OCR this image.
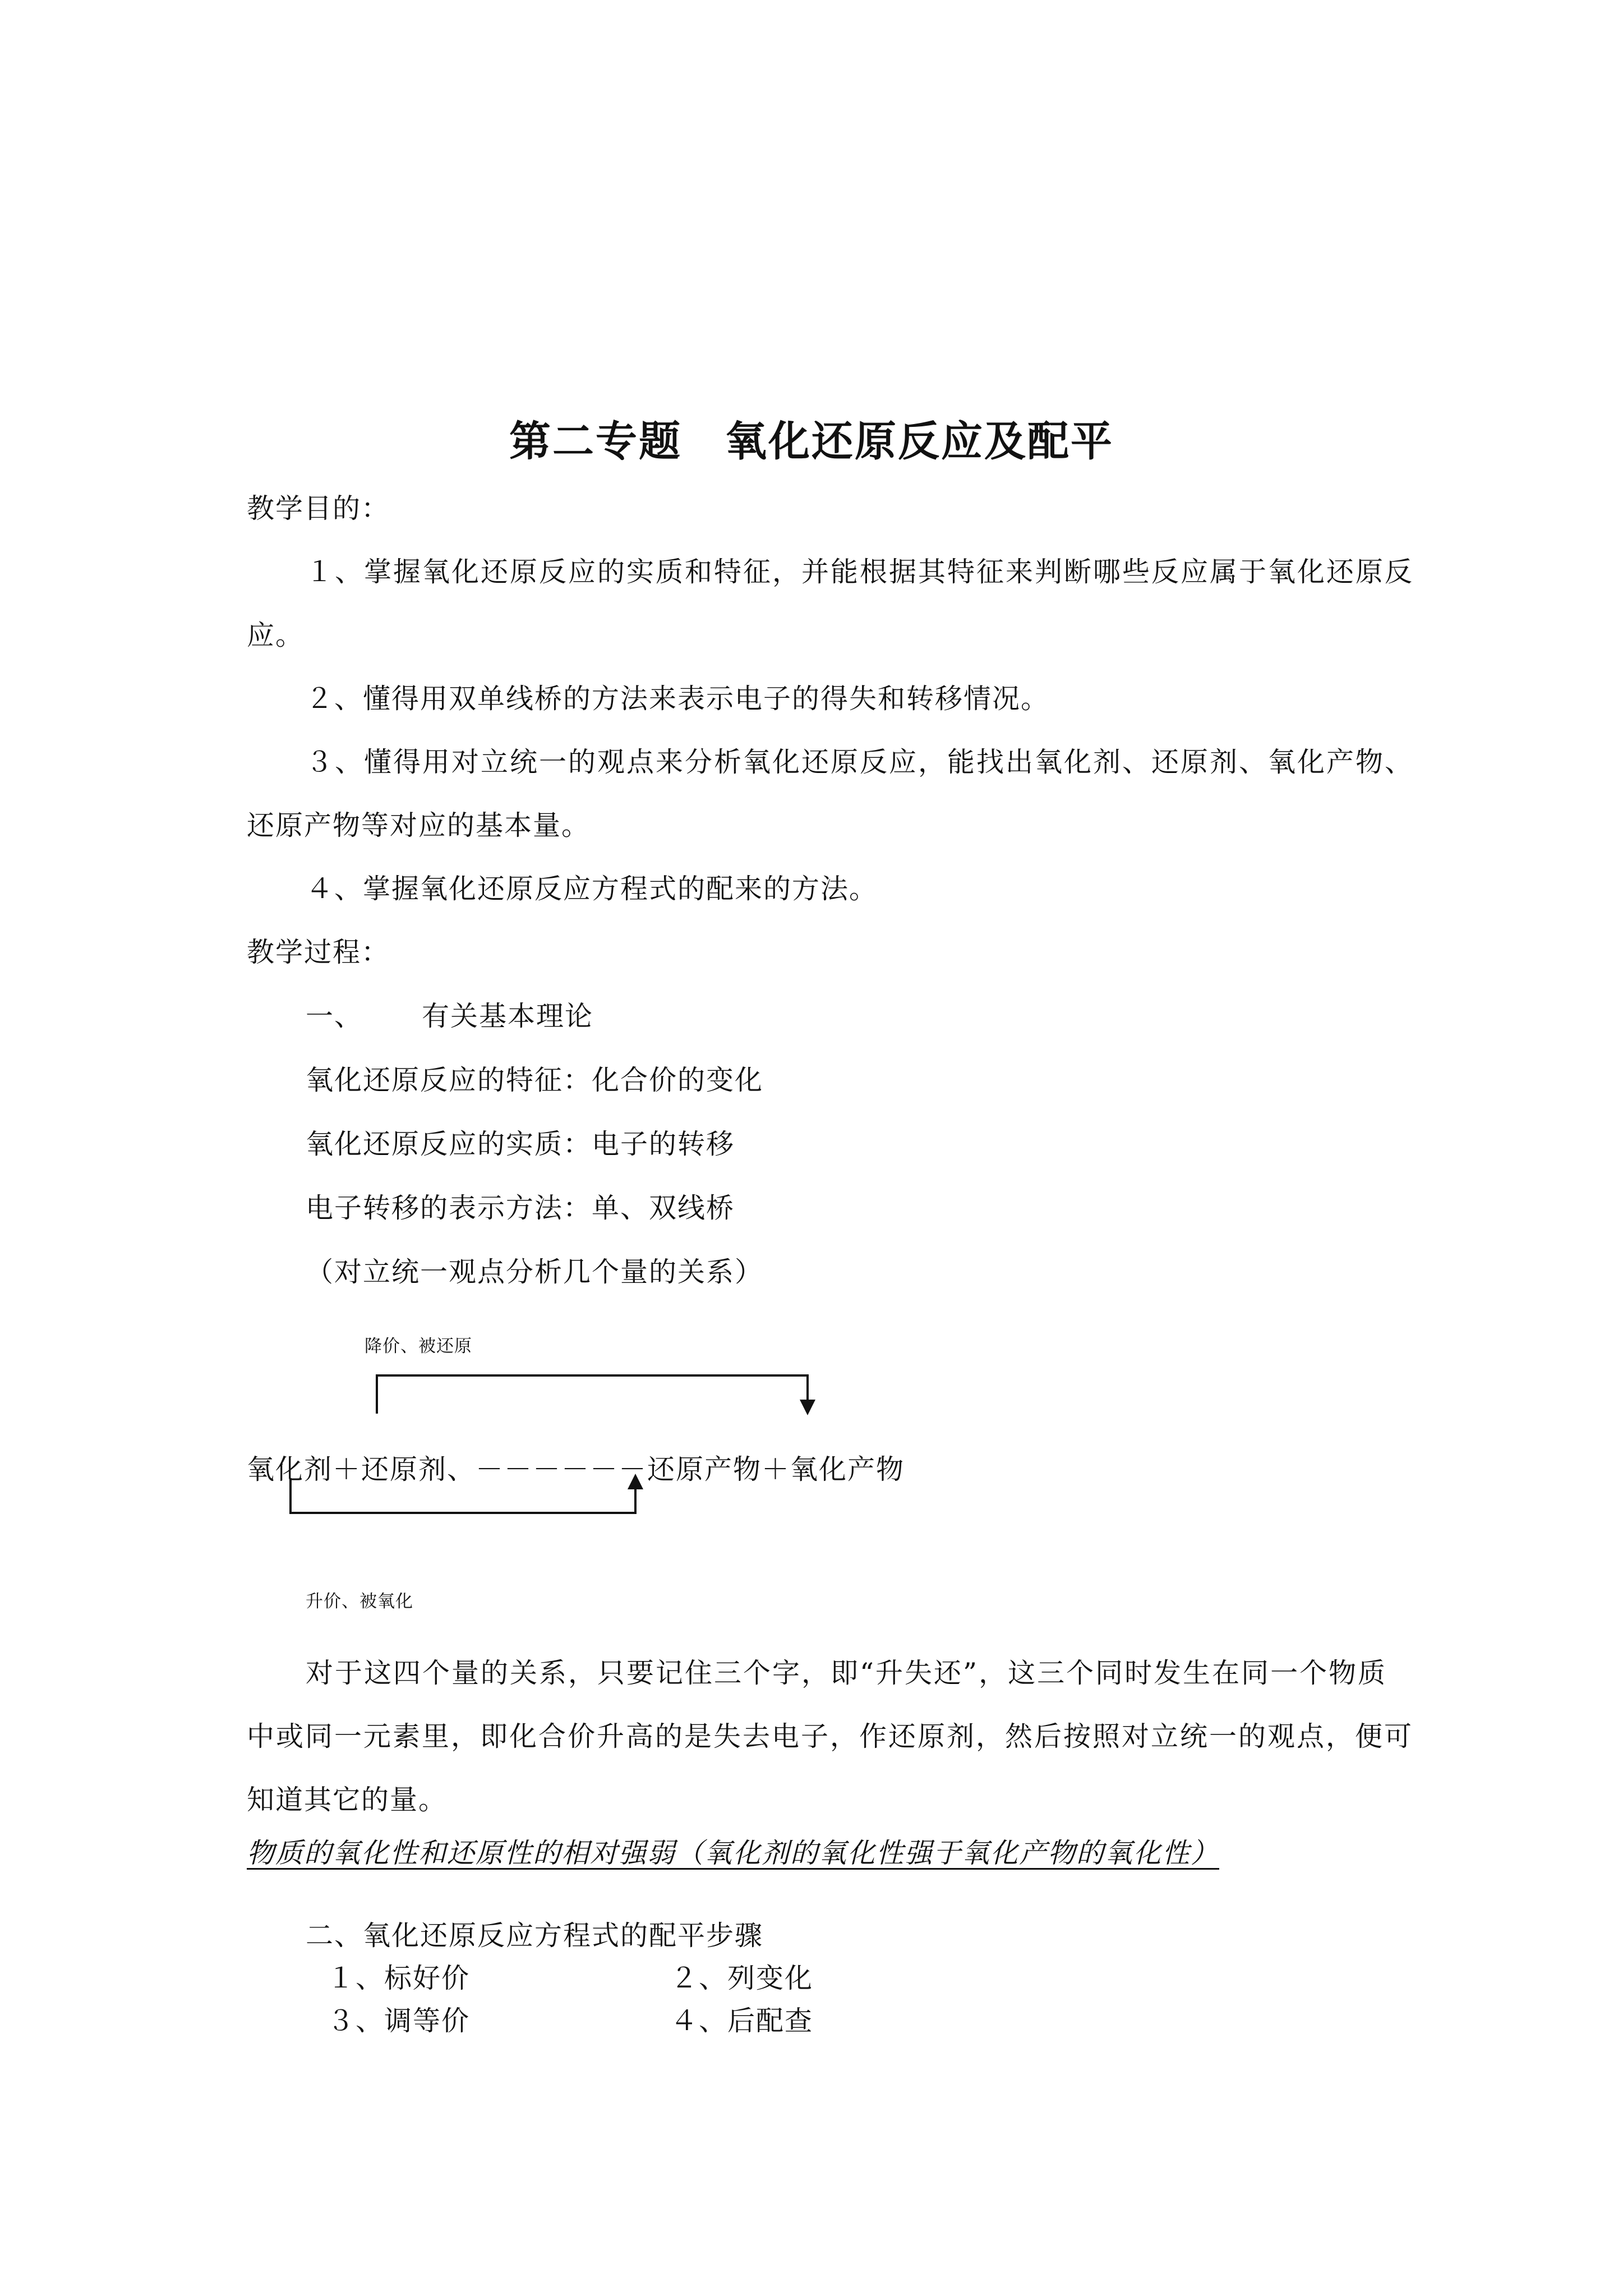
第二专题　氧化还原反应及配平
教学目的：
１、掌握氧化还原反应的实质和特征，并能根据其特征来判断哪些反应属于氧化还原反
应。
２、懂得用双单线桥的方法来表示电子的得失和转移情况。
３、懂得用对立统一的观点来分析氧化还原反应，能找出氧化剂、还原剂、氧化产物、
还原产物等对应的基本量。
４、掌握氧化还原反应方程式的配来的方法。
教学过程：
一、 有关基本理论
氧化还原反应的特征：化合价的变化
氧化还原反应的实质：电子的转移
电子转移的表示方法：单、双线桥
（对立统一观点分析几个量的关系）
降价、被还原
氧化剂＋还原剂、－－－－－－还原产物＋氧化产物
升价、被氧化
对于这四个量的关系，只要记住三个字，即“升失还”，这三个同时发生在同一个物质
中或同一元素里，即化合价升高的是失去电子，作还原剂，然后按照对立统一的观点，便可
知道其它的量。
物质的氧化性和还原性的相对强弱（氧化剂的氧化性强于氧化产物的氧化性）
二、氧化还原反应方程式的配平步骤
１、标好价	２、列变化
３、调等价	４、后配查
